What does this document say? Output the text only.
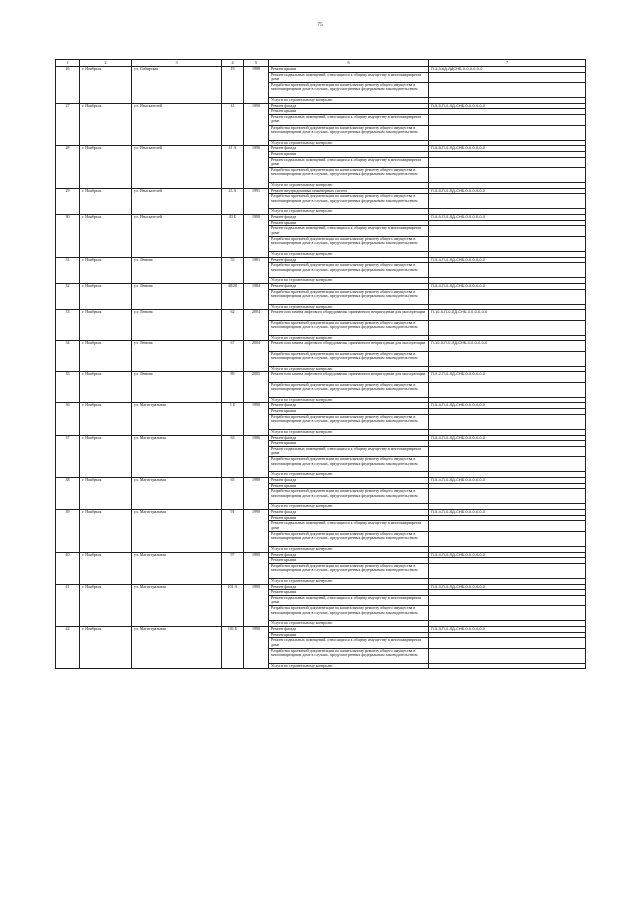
75
1	2	3	4	5	6	7
26	г. Ноябрьск	ул. Сибирская	19	1988	Ремонт крыши	П-3-3-КД-ЛДСНБ-0-0-0-0-0-0
					Ремонт подвальных помещений, относящихся к общему имуществу в многоквартирном доме	
					Разработка проектной документации по капитальному ремонту общего имущества в многоквартирном доме в случаях, предусмотренных федеральным законодательством	
					Услуги по строительному контролю	
27	г. Ноябрьск	ул. Изыскателей	41	1990	Ремонт фасада	П-5-5-П-0-ЛД-СНБ-0-0-0-0-0-0
					Ремонт крыши	
					Ремонт подвальных помещений, относящихся к общему имуществу в многоквартирном доме	
					Разработка проектной документации по капитальному ремонту общего имущества в многоквартирном доме в случаях, предусмотренных федеральным законодательством	
					Услуги по строительному контролю	
28	г. Ноябрьск	ул. Изыскателей	41 А	1990	Ремонт фасада	П-5-5-П-0-ЛД-СНБ-0-0-0-0-0-0
					Ремонт крыши	
					Ремонт подвальных помещений, относящихся к общему имуществу в многоквартирном доме	
					Разработка проектной документации по капитальному ремонту общего имущества в многоквартирном доме в случаях, предусмотренных федеральным законодательством	
					Услуги по строительному контролю	
29	г. Ноябрьск	ул. Изыскателей	43 А	1991	Ремонт внутридомовых инженерных систем	П-5-5-П-0-ЛД-СНБ-0-0-0-0-0-0
					Разработка проектной документации по капитальному ремонту общего имущества в многоквартирном доме в случаях, предусмотренных федеральным законодательством	
					Услуги по строительному контролю	
30	г. Ноябрьск	ул. Изыскателей	43 Б	1990	Ремонт фасада	П-5-5-П-0-ЛД-СНБ-0-0-0-0-0-0
					Ремонт крыши	
					Ремонт подвальных помещений, относящихся к общему имуществу в многоквартирном доме	
					Разработка проектной документации по капитальному ремонту общего имущества в многоквартирном доме в случаях, предусмотренных федеральным законодательством	
					Услуги по строительному контролю	
31	г. Ноябрьск	ул. Ленина	55	1981	Ремонт фасада	П-5-4-П-0-ЛД-СНБ-0-0-0-0-0-0
					Разработка проектной документации по капитальному ремонту общего имущества в многоквартирном доме в случаях, предусмотренных федеральным законодательством	
					Услуги по строительному контролю	
32	г. Ноябрьск	ул. Ленина	48/20	1984	Ремонт фасада	П-5-4-П-0-ЛД-СНБ-0-0-0-0-0-0
					Разработка проектной документации по капитальному ремонту общего имущества в многоквартирном доме в случаях, предусмотренных федеральным законодательством	
					Услуги по строительному контролю	
33	г. Ноябрьск	ул. Ленина	62	2004	Ремонт или замена лифтового оборудования, признанного непригодным для эксплуатации	П-10-5-П-0-ЛД-СНБ-0-0-0-0-0-0
					Разработка проектной документации по капитальному ремонту общего имущества в многоквартирном доме в случаях, предусмотренных федеральным законодательством	
					Услуги по строительному контролю	
34	г. Ноябрьск	ул. Ленина	67	2004	Ремонт или замена лифтового оборудования, признанного непригодным для эксплуатации	П-10-5-П-0-ЛД-СНБ-0-0-0-0-0-0
					Разработка проектной документации по капитальному ремонту общего имущества в многоквартирном доме в случаях, предусмотренных федеральным законодательством	
					Услуги по строительному контролю	
35	г. Ноябрьск	ул. Ленина	89	2005	Ремонт или замена лифтового оборудования, признанного непригодным для эксплуатации	П-9-2-П-0-ЛД-СНБ-0-0-0-0-0-0
					Разработка проектной документации по капитальному ремонту общего имущества в многоквартирном доме в случаях, предусмотренных федеральным законодательством	
					Услуги по строительному контролю	
36	г. Ноябрьск	ул. Магистральная	1 Б	1990	Ремонт фасада	П-5-4-П-0-ЛД-СНБ-0-0-0-0-0-0
					Ремонт крыши	
					Разработка проектной документации по капитальному ремонту общего имущества в многоквартирном доме в случаях, предусмотренных федеральным законодательством	
					Услуги по строительному контролю	
37	г. Ноябрьск	ул. Магистральная	63	1986	Ремонт фасада	П-5-4-П-0-ЛД-СНБ-0-0-0-0-0-0
					Ремонт крыши	
					Ремонт подвальных помещений, относящихся к общему имуществу в многоквартирном доме	
					Разработка проектной документации по капитальному ремонту общего имущества в многоквартирном доме в случаях, предусмотренных федеральным законодательством	
					Услуги по строительному контролю	
38	г. Ноябрьск	ул. Магистральная	65	1988	Ремонт фасада	П-5-4-П-0-ЛД-СНБ-0-0-0-0-0-0
					Ремонт крыши	
					Разработка проектной документации по капитальному ремонту общего имущества в многоквартирном доме в случаях, предусмотренных федеральным законодательством	
					Услуги по строительному контролю	
39	г. Ноябрьск	ул. Магистральная	91	1990	Ремонт фасада	П-5-4-П-0-ЛД-СНБ-0-0-0-0-0-0
					Ремонт крыши	
					Ремонт подвальных помещений, относящихся к общему имуществу в многоквартирном доме	
					Разработка проектной документации по капитальному ремонту общего имущества в многоквартирном доме в случаях, предусмотренных федеральным законодательством	
					Услуги по строительному контролю	
40	г. Ноябрьск	ул. Магистральная	97	1990	Ремонт фасада	П-5-4-П-0-ЛД-СНБ-0-0-0-0-0-0
					Ремонт крыши	
					Разработка проектной документации по капитальному ремонту общего имущества в многоквартирном доме в случаях, предусмотренных федеральным законодательством	
					Услуги по строительному контролю	
41	г. Ноябрьск	ул. Магистральная	101 А	1990	Ремонт фасада	П-5-3-П-0-ЛД-СНБ-0-0-0-0-0-0
					Ремонт крыши	
					Ремонт подвальных помещений, относящихся к общему имуществу в многоквартирном доме	
					Разработка проектной документации по капитальному ремонту общего имущества в многоквартирном доме в случаях, предусмотренных федеральным законодательством	
					Услуги по строительному контролю	
42	г. Ноябрьск	ул. Магистральная	101 Б	1990	Ремонт фасада	П-5-3-П-0-ЛД-СНБ-0-0-0-0-0-0
					Ремонт крыши	
					Ремонт подвальных помещений, относящихся к общему имуществу в многоквартирном доме	
					Разработка проектной документации по капитальному ремонту общего имущества в многоквартирном доме в случаях, предусмотренных федеральным законодательством	
					Услуги по строительному контролю	
